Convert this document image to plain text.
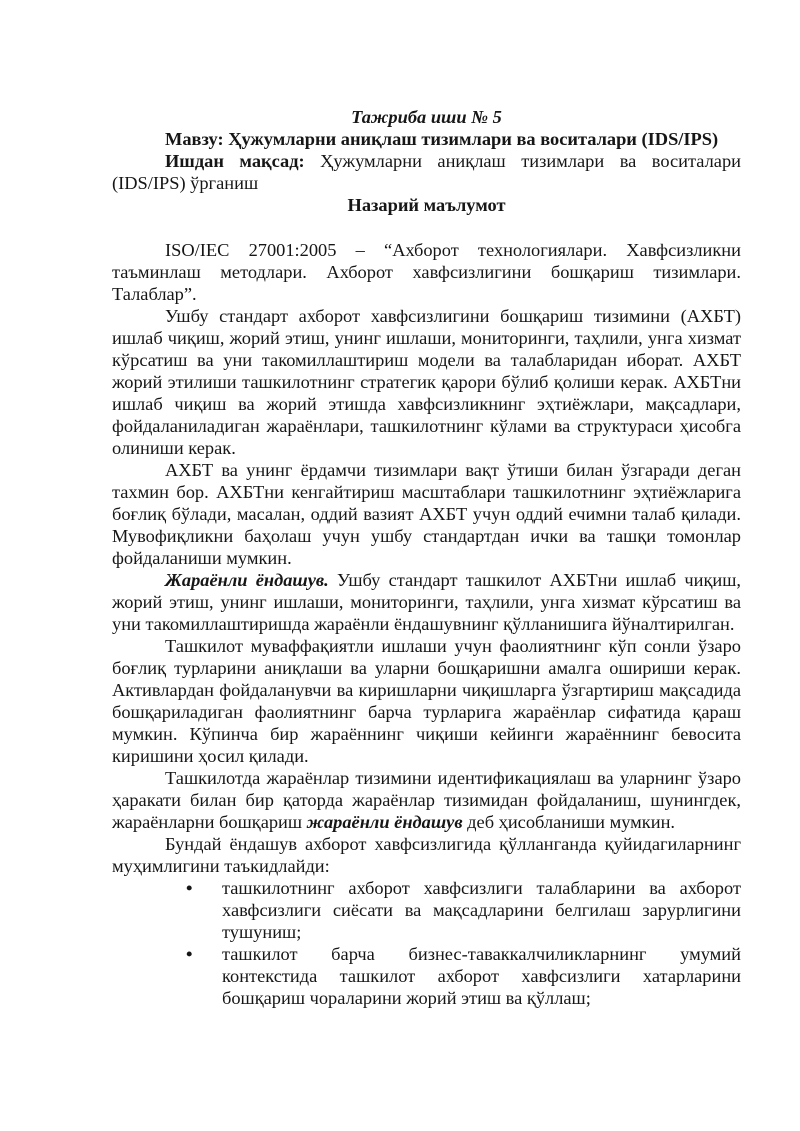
Тажриба иши № 5

Мавзу: Ҳужумларни аниқлаш тизимлари ва воситалари (IDS/IPS)

Ишдан мақсад: Ҳужумларни аниқлаш тизимлари ва воситалари (IDS/IPS) ўрганиш

Назарий маълумот

ISO/IEC 27001:2005 – “Ахборот технологиялари. Хавфсизликни таъминлаш методлари. Ахборот хавфсизлигини бошқариш тизимлари. Талаблар”.

Ушбу стандарт ахборот хавфсизлигини бошқариш тизимини (АХБТ) ишлаб чиқиш, жорий этиш, унинг ишлаши, мониторинги, таҳлили, унга хизмат кўрсатиш ва уни такомиллаштириш модели ва талабларидан иборат. АХБТ жорий этилиши ташкилотнинг стратегик қарори бўлиб қолиши керак. АХБТни ишлаб чиқиш ва жорий этишда хавфсизликнинг эҳтиёжлари, мақсадлари, фойдаланиладиган жараёнлари, ташкилотнинг кўлами ва структураси ҳисобга олиниши керак.

АХБТ ва унинг ёрдамчи тизимлари вақт ўтиши билан ўзгаради деган тахмин бор. АХБТни кенгайтириш масштаблари ташкилотнинг эҳтиёжларига боғлиқ бўлади, масалан, оддий вазият АХБТ учун оддий ечимни талаб қилади. Мувофиқликни баҳолаш учун ушбу стандартдан ички ва ташқи томонлар фойдаланиши мумкин.

Жараёнли ёндашув. Ушбу стандарт ташкилот АХБТни ишлаб чиқиш, жорий этиш, унинг ишлаши, мониторинги, таҳлили, унга хизмат кўрсатиш ва уни такомиллаштиришда жараёнли ёндашувнинг қўлланишига йўналтирилган.

Ташкилот муваффақиятли ишлаши учун фаолиятнинг кўп сонли ўзаро боғлиқ турларини аниқлаши ва уларни бошқаришни амалга ошириши керак. Активлардан фойдаланувчи ва киришларни чиқишларга ўзгартириш мақсадида бошқариладиган фаолиятнинг барча турларига жараёнлар сифатида қараш мумкин. Кўпинча бир жараённинг чиқиши кейинги жараённинг бевосита киришини ҳосил қилади.

Ташкилотда жараёнлар тизимини идентификациялаш ва уларнинг ўзаро ҳаракати билан бир қаторда жараёнлар тизимидан фойдаланиш, шунингдек, жараёнларни бошқариш жараёнли ёндашув деб ҳисобланиши мумкин.

Бундай ёндашув ахборот хавфсизлигида қўлланганда қуйидагиларнинг муҳимлигини таъкидлайди:

• ташкилотнинг ахборот хавфсизлиги талабларини ва ахборот хавфсизлиги сиёсати ва мақсадларини белгилаш зарурлигини тушуниш;
• ташкилот барча бизнес-таваккалчиликларнинг умумий контекстида ташкилот ахборот хавфсизлиги хатарларини бошқариш чораларини жорий этиш ва қўллаш;
